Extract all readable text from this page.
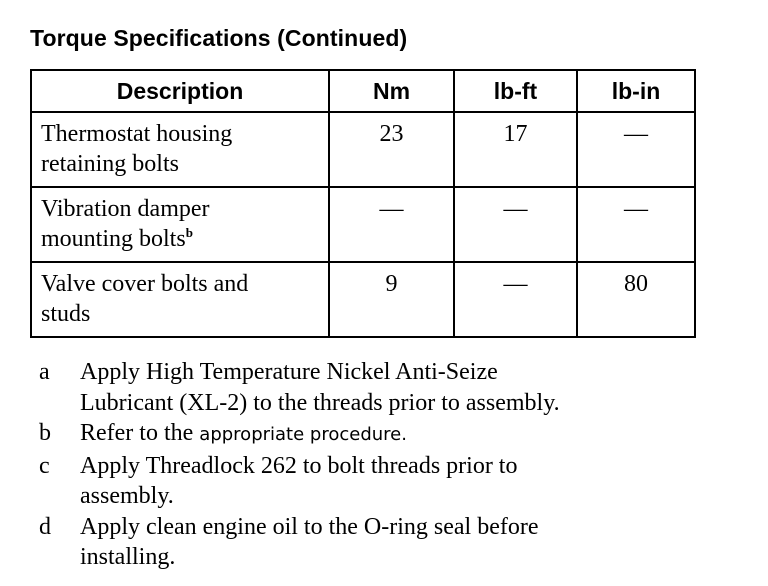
Torque Specifications (Continued)
Description	Nm	lb-ft	lb-in

Thermostat housing
retaining bolts	23	17	—

Vibration damper
mounting bolts$^b$	—	—	—

Valve cover bolts and
studs	9	—	80
a	Apply High Temperature Nickel Anti-Seize
Lubricant (XL-2) to the threads prior to assembly.
b	Refer to the appropriate procedure.
c	Apply Threadlock 262 to bolt threads prior to
assembly.
d	Apply clean engine oil to the O-ring seal before
installing.
